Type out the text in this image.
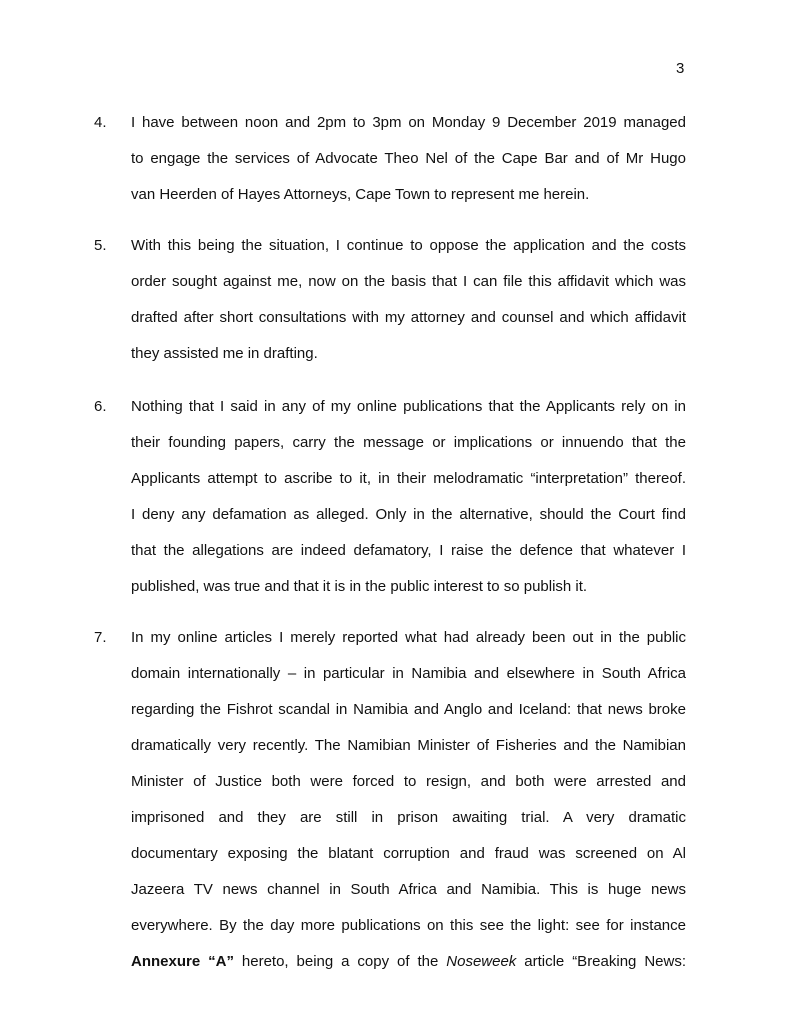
3
4. I have between noon and 2pm to 3pm on Monday 9 December 2019 managed
to engage the services of Advocate Theo Nel of the Cape Bar and of Mr Hugo
van Heerden of Hayes Attorneys, Cape Town to represent me herein.
5. With this being the situation, I continue to oppose the application and the costs
order sought against me, now on the basis that I can file this affidavit which was
drafted after short consultations with my attorney and counsel and which affidavit
they assisted me in drafting.
6. Nothing that I said in any of my online publications that the Applicants rely on in
their founding papers, carry the message or implications or innuendo that the
Applicants attempt to ascribe to it, in their melodramatic “interpretation” thereof.
I deny any defamation as alleged. Only in the alternative, should the Court find
that the allegations are indeed defamatory, I raise the defence that whatever I
published, was true and that it is in the public interest to so publish it.
7. In my online articles I merely reported what had already been out in the public
domain internationally – in particular in Namibia and elsewhere in South Africa
regarding the Fishrot scandal in Namibia and Anglo and Iceland: that news broke
dramatically very recently. The Namibian Minister of Fisheries and the Namibian
Minister of Justice both were forced to resign, and both were arrested and
imprisoned and they are still in prison awaiting trial. A very dramatic
documentary exposing the blatant corruption and fraud was screened on Al
Jazeera TV news channel in South Africa and Namibia. This is huge news
everywhere. By the day more publications on this see the light: see for instance
Annexure “A” hereto, being a copy of the Noseweek article “Breaking News:
